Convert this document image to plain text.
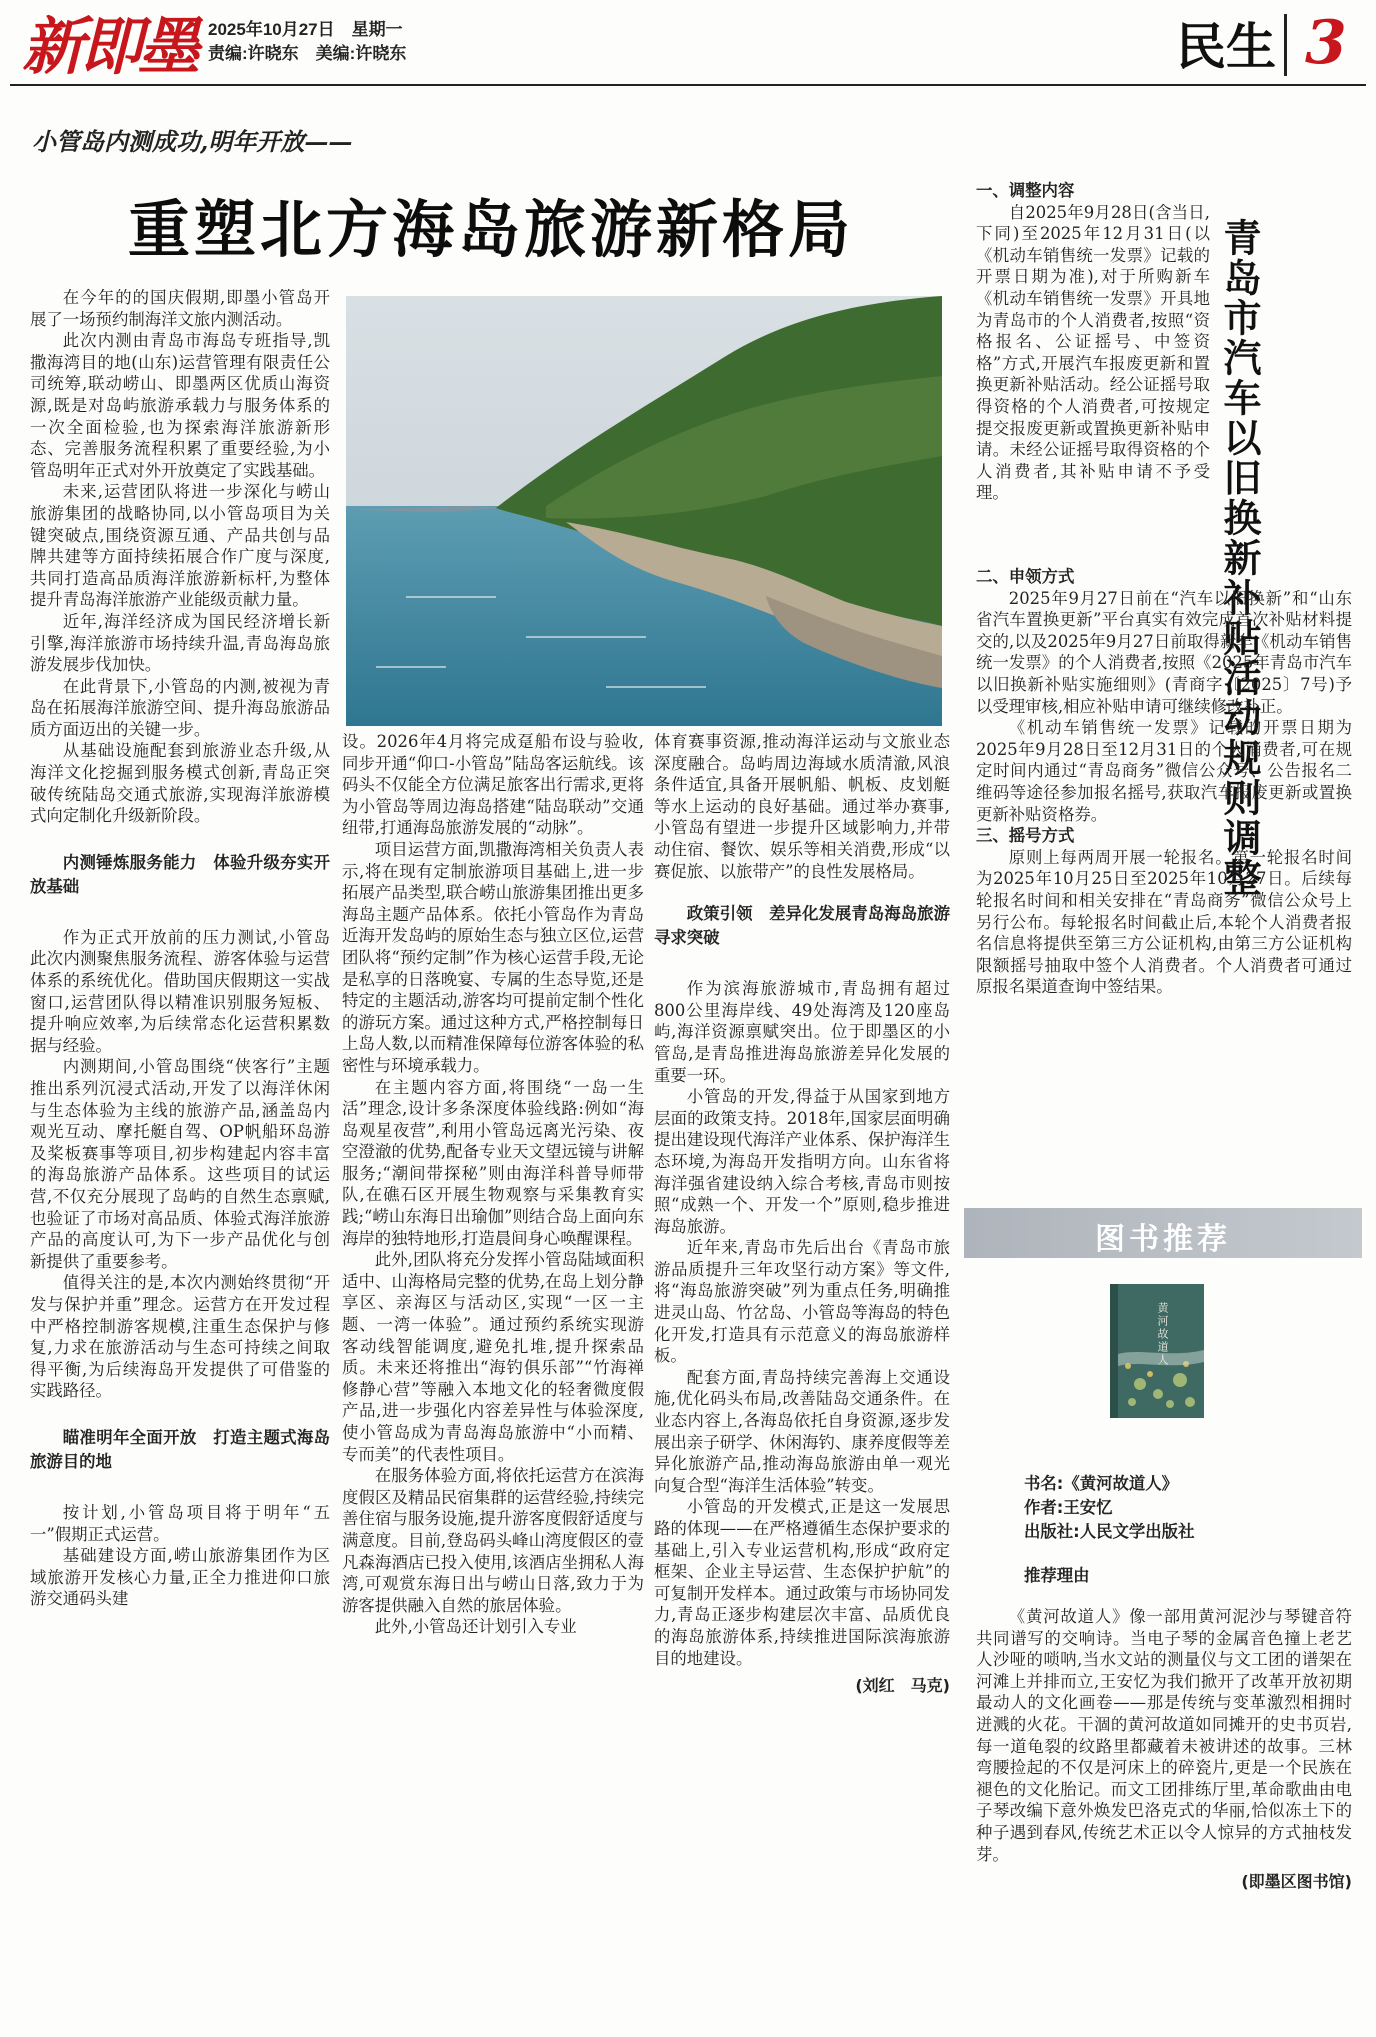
新即墨 2025年10月27日　星期一
责编:许晓东　美编:许晓东	民生 3
小管岛内测成功,明年开放——
重塑北方海岛旅游新格局

在今年的的国庆假期,即墨小管岛开展了一场预约制海洋文旅内测活动。

此次内测由青岛市海岛专班指导,凯撒海湾目的地(山东)运营管理有限责任公司统筹,联动崂山、即墨两区优质山海资源,既是对岛屿旅游承载力与服务体系的一次全面检验,也为探索海洋旅游新形态、完善服务流程积累了重要经验,为小管岛明年正式对外开放奠定了实践基础。

未来,运营团队将进一步深化与崂山旅游集团的战略协同,以小管岛项目为关键突破点,围绕资源互通、产品共创与品牌共建等方面持续拓展合作广度与深度,共同打造高品质海洋旅游新标杆,为整体提升青岛海洋旅游产业能级贡献力量。

近年,海洋经济成为国民经济增长新引擎,海洋旅游市场持续升温,青岛海岛旅游发展步伐加快。

在此背景下,小管岛的内测,被视为青岛在拓展海洋旅游空间、提升海岛旅游品质方面迈出的关键一步。

从基础设施配套到旅游业态升级,从海洋文化挖掘到服务模式创新,青岛正突破传统陆岛交通式旅游,实现海洋旅游模式向定制化升级新阶段。

内测锤炼服务能力　体验升级夯实开放基础

作为正式开放前的压力测试,小管岛此次内测聚焦服务流程、游客体验与运营体系的系统优化。借助国庆假期这一实战窗口,运营团队得以精准识别服务短板、提升响应效率,为后续常态化运营积累数据与经验。

内测期间,小管岛围绕“侠客行”主题推出系列沉浸式活动,开发了以海洋休闲与生态体验为主线的旅游产品,涵盖岛内观光互动、摩托艇自驾、OP帆船环岛游及桨板赛事等项目,初步构建起内容丰富的海岛旅游产品体系。这些项目的试运营,不仅充分展现了岛屿的自然生态禀赋,也验证了市场对高品质、体验式海洋旅游产品的高度认可,为下一步产品优化与创新提供了重要参考。

值得关注的是,本次内测始终贯彻“开发与保护并重”理念。运营方在开发过程中严格控制游客规模,注重生态保护与修复,力求在旅游活动与生态可持续之间取得平衡,为后续海岛开发提供了可借鉴的实践路径。

瞄准明年全面开放　打造主题式海岛旅游目的地

按计划,小管岛项目将于明年“五一”假期正式运营。

基础建设方面,崂山旅游集团作为区域旅游开发核心力量,正全力推进仰口旅游交通码头建

设。2026年4月将完成趸船布设与验收,同步开通“仰口-小管岛”陆岛客运航线。该码头不仅能全方位满足旅客出行需求,更将为小管岛等周边海岛搭建“陆岛联动”交通纽带,打通海岛旅游发展的“动脉”。

项目运营方面,凯撒海湾相关负责人表示,将在现有定制旅游项目基础上,进一步拓展产品类型,联合崂山旅游集团推出更多海岛主题产品体系。依托小管岛作为青岛近海开发岛屿的原始生态与独立区位,运营团队将“预约定制”作为核心运营手段,无论是私享的日落晚宴、专属的生态导览,还是特定的主题活动,游客均可提前定制个性化的游玩方案。通过这种方式,严格控制每日上岛人数,以而精准保障每位游客体验的私密性与环境承载力。

在主题内容方面,将围绕“一岛一生活”理念,设计多条深度体验线路:例如“海岛观星夜营”,利用小管岛远离光污染、夜空澄澈的优势,配备专业天文望远镜与讲解服务;“潮间带探秘”则由海洋科普导师带队,在礁石区开展生物观察与采集教育实践;“崂山东海日出瑜伽”则结合岛上面向东海岸的独特地形,打造晨间身心唤醒课程。

此外,团队将充分发挥小管岛陆域面积适中、山海格局完整的优势,在岛上划分静享区、亲海区与活动区,实现“一区一主题、一湾一体验”。通过预约系统实现游客动线智能调度,避免扎堆,提升探索品质。未来还将推出“海钓俱乐部”“竹海禅修静心营”等融入本地文化的轻奢微度假产品,进一步强化内容差异性与体验深度,使小管岛成为青岛海岛旅游中“小而精、专而美”的代表性项目。

在服务体验方面,将依托运营方在滨海度假区及精品民宿集群的运营经验,持续完善住宿与服务设施,提升游客度假舒适度与满意度。目前,登岛码头峰山湾度假区的壹凡森海酒店已投入使用,该酒店坐拥私人海湾,可观赏东海日出与崂山日落,致力于为游客提供融入自然的旅居体验。

此外,小管岛还计划引入专业

体育赛事资源,推动海洋运动与文旅业态深度融合。岛屿周边海域水质清澈,风浪条件适宜,具备开展帆船、帆板、皮划艇等水上运动的良好基础。通过举办赛事,小管岛有望进一步提升区域影响力,并带动住宿、餐饮、娱乐等相关消费,形成“以赛促旅、以旅带产”的良性发展格局。

政策引领　差异化发展青岛海岛旅游寻求突破

作为滨海旅游城市,青岛拥有超过800公里海岸线、49处海湾及120座岛屿,海洋资源禀赋突出。位于即墨区的小管岛,是青岛推进海岛旅游差异化发展的重要一环。

小管岛的开发,得益于从国家到地方层面的政策支持。2018年,国家层面明确提出建设现代海洋产业体系、保护海洋生态环境,为海岛开发指明方向。山东省将海洋强省建设纳入综合考核,青岛市则按照“成熟一个、开发一个”原则,稳步推进海岛旅游。

近年来,青岛市先后出台《青岛市旅游品质提升三年攻坚行动方案》等文件,将“海岛旅游突破”列为重点任务,明确推进灵山岛、竹岔岛、小管岛等海岛的特色化开发,打造具有示范意义的海岛旅游样板。

配套方面,青岛持续完善海上交通设施,优化码头布局,改善陆岛交通条件。在业态内容上,各海岛依托自身资源,逐步发展出亲子研学、休闲海钓、康养度假等差异化旅游产品,推动海岛旅游由单一观光向复合型“海洋生活体验”转变。

小管岛的开发模式,正是这一发展思路的体现——在严格遵循生态保护要求的基础上,引入专业运营机构,形成“政府定框架、企业主导运营、生态保护护航”的可复制开发样本。通过政策与市场协同发力,青岛正逐步构建层次丰富、品质优良的海岛旅游体系,持续推进国际滨海旅游目的地建设。

(刘红　马克)
青岛市汽车以旧换新补贴活动规则调整

一、调整内容

自2025年9月28日(含当日,下同)至2025年12月31日(以《机动车销售统一发票》记载的开票日期为准),对于所购新车《机动车销售统一发票》开具地为青岛市的个人消费者,按照“资格报名、公证摇号、中签资格”方式,开展汽车报废更新和置换更新补贴活动。经公证摇号取得资格的个人消费者,可按规定提交报废更新或置换更新补贴申请。未经公证摇号取得资格的个人消费者,其补贴申请不予受理。

二、申领方式

2025年9月27日前在“汽车以旧换新”和“山东省汽车置换更新”平台真实有效完成首次补贴材料提交的,以及2025年9月27日前取得新车《机动车销售统一发票》的个人消费者,按照《2025年青岛市汽车以旧换新补贴实施细则》(青商字〔2025〕7号)予以受理审核,相应补贴申请可继续修改补正。

《机动车销售统一发票》记载的开票日期为2025年9月28日至12月31日的个人消费者,可在规定时间内通过“青岛商务”微信公众号、公告报名二维码等途径参加报名摇号,获取汽车报废更新或置换更新补贴资格券。

三、摇号方式

原则上每两周开展一轮报名。第一轮报名时间为2025年10月25日至2025年10月27日。后续每轮报名时间和相关安排在“青岛商务”微信公众号上另行公布。每轮报名时间截止后,本轮个人消费者报名信息将提供至第三方公证机构,由第三方公证机构限额摇号抽取中签个人消费者。个人消费者可通过原报名渠道查询中签结果。

图书推荐
黄河故道人
书名:《黄河故道人》
作者:王安忆
出版社:人民文学出版社
推荐理由

《黄河故道人》像一部用黄河泥沙与琴键音符共同谱写的交响诗。当电子琴的金属音色撞上老艺人沙哑的唢呐,当水文站的测量仪与文工团的谱架在河滩上并排而立,王安忆为我们掀开了改革开放初期最动人的文化画卷——那是传统与变革激烈相拥时迸溅的火花。干涸的黄河故道如同摊开的史书页岩,每一道龟裂的纹路里都藏着未被讲述的故事。三林弯腰捡起的不仅是河床上的碎瓷片,更是一个民族在褪色的文化胎记。而文工团排练厅里,革命歌曲由电子琴改编下意外焕发巴洛克式的华丽,恰似冻土下的种子遇到春风,传统艺术正以令人惊异的方式抽枝发芽。

(即墨区图书馆)
